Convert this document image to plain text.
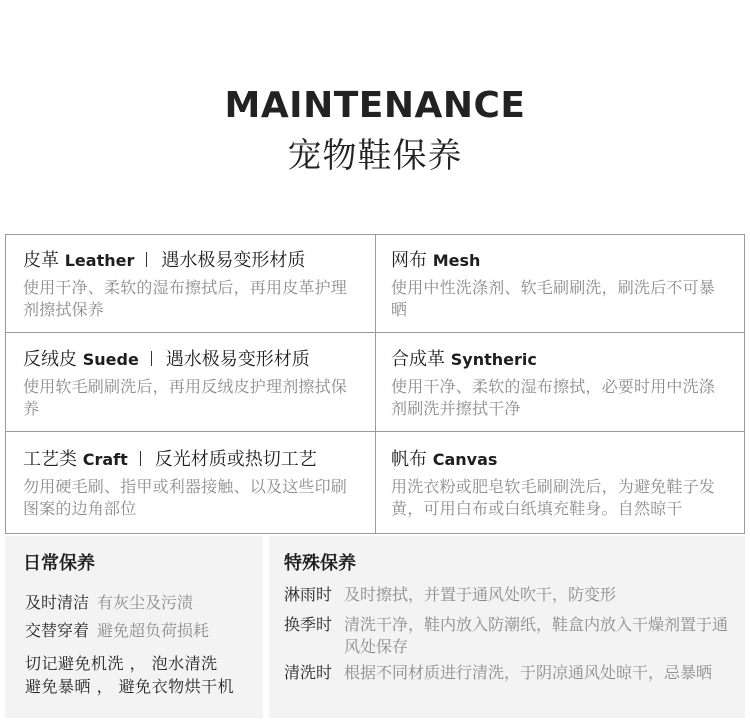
MAINTENANCE
宠物鞋保养
皮革 Leather 遇水极易变形材质
使用干净、柔软的湿布擦拭后，再用皮革护理剂擦拭保养
网布 Mesh
使用中性洗涤剂、软毛刷刷洗，刷洗后不可暴晒
反绒皮 Suede 遇水极易变形材质
使用软毛刷刷洗后，再用反绒皮护理剂擦拭保养
合成革 Syntheric
使用干净、柔软的湿布擦拭，必要时用中洗涤剂刷洗并擦拭干净
工艺类 Craft 反光材质或热切工艺
勿用硬毛刷、指甲或利器接触、以及这些印刷图案的边角部位
帆布 Canvas
用洗衣粉或肥皂软毛刷刷洗后，为避免鞋子发黄，可用白布或白纸填充鞋身。自然晾干
日常保养
及时清洁 有灰尘及污渍
交替穿着 避免超负荷损耗
切记避免机洗 ， 泡水清洗
避免暴晒 ， 避免衣物烘干机
特殊保养
淋雨时 及时擦拭，并置于通风处吹干，防变形
换季时 清洗干净，鞋内放入防潮纸，鞋盒内放入干燥剂置于通风处保存
清洗时 根据不同材质进行清洗，于阴凉通风处晾干，忌暴晒
